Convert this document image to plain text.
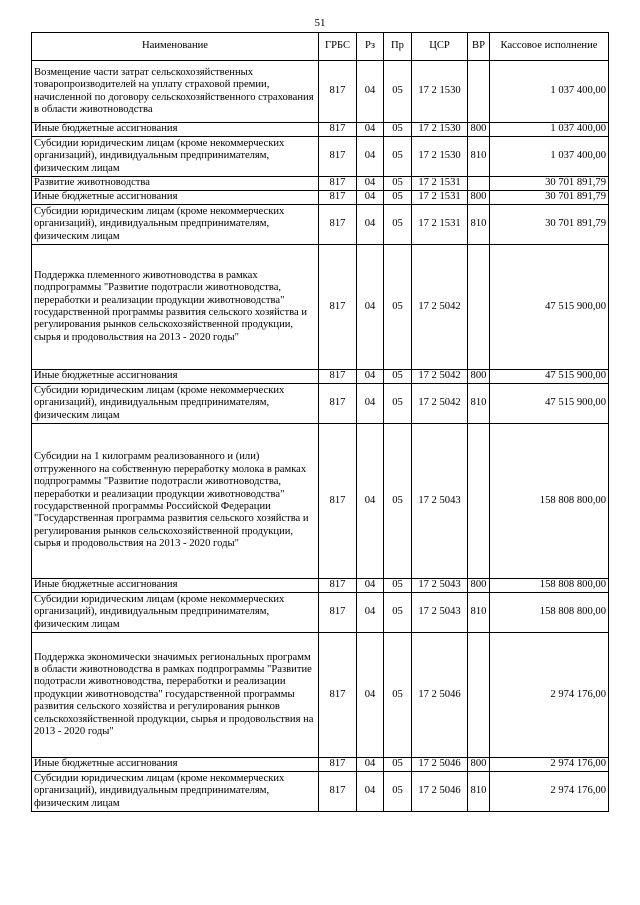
51
Наименование	ГРБС	Рз	Пр	ЦСР	ВР	Кассовое исполнение
Возмещение части затрат сельскохозяйственных товаропроизводителей на уплату страховой премии, начисленной по договору сельскохозяйственного страхования в области животноводства	817	04	05	17 2 1530		1 037 400,00
Иные бюджетные ассигнования	817	04	05	17 2 1530	800	1 037 400,00
Субсидии юридическим лицам (кроме некоммерческих организаций), индивидуальным предпринимателям, физическим лицам	817	04	05	17 2 1530	810	1 037 400,00
Развитие животноводства	817	04	05	17 2 1531		30 701 891,79
Иные бюджетные ассигнования	817	04	05	17 2 1531	800	30 701 891,79
Субсидии юридическим лицам (кроме некоммерческих организаций), индивидуальным предпринимателям, физическим лицам	817	04	05	17 2 1531	810	30 701 891,79
Поддержка племенного животноводства в рамках подпрограммы "Развитие подотрасли животноводства, переработки и реализации продукции животноводства" государственной программы развития сельского хозяйства и регулирования рынков сельскохозяйственной продукции, сырья и продовольствия на 2013 - 2020 годы"	817	04	05	17 2 5042		47 515 900,00
Иные бюджетные ассигнования	817	04	05	17 2 5042	800	47 515 900,00
Субсидии юридическим лицам (кроме некоммерческих организаций), индивидуальным предпринимателям, физическим лицам	817	04	05	17 2 5042	810	47 515 900,00
Субсидии на 1 килограмм реализованного и (или) отгруженного на собственную переработку молока в рамках подпрограммы "Развитие подотрасли животноводства, переработки и реализации продукции животноводства" государственной программы Российской Федерации "Государственная программа развития сельского хозяйства и регулирования рынков сельскохозяйственной продукции, сырья и продовольствия на 2013 - 2020 годы"	817	04	05	17 2 5043		158 808 800,00
Иные бюджетные ассигнования	817	04	05	17 2 5043	800	158 808 800,00
Субсидии юридическим лицам (кроме некоммерческих организаций), индивидуальным предпринимателям, физическим лицам	817	04	05	17 2 5043	810	158 808 800,00
Поддержка экономически значимых региональных программ в области животноводства в рамках подпрограммы "Развитие подотрасли животноводства, переработки и реализации продукции животноводства" государственной программы развития сельского хозяйства и регулирования рынков сельскохозяйственной продукции, сырья и продовольствия на 2013 - 2020 годы"	817	04	05	17 2 5046		2 974 176,00
Иные бюджетные ассигнования	817	04	05	17 2 5046	800	2 974 176,00
Субсидии юридическим лицам (кроме некоммерческих организаций), индивидуальным предпринимателям, физическим лицам	817	04	05	17 2 5046	810	2 974 176,00
